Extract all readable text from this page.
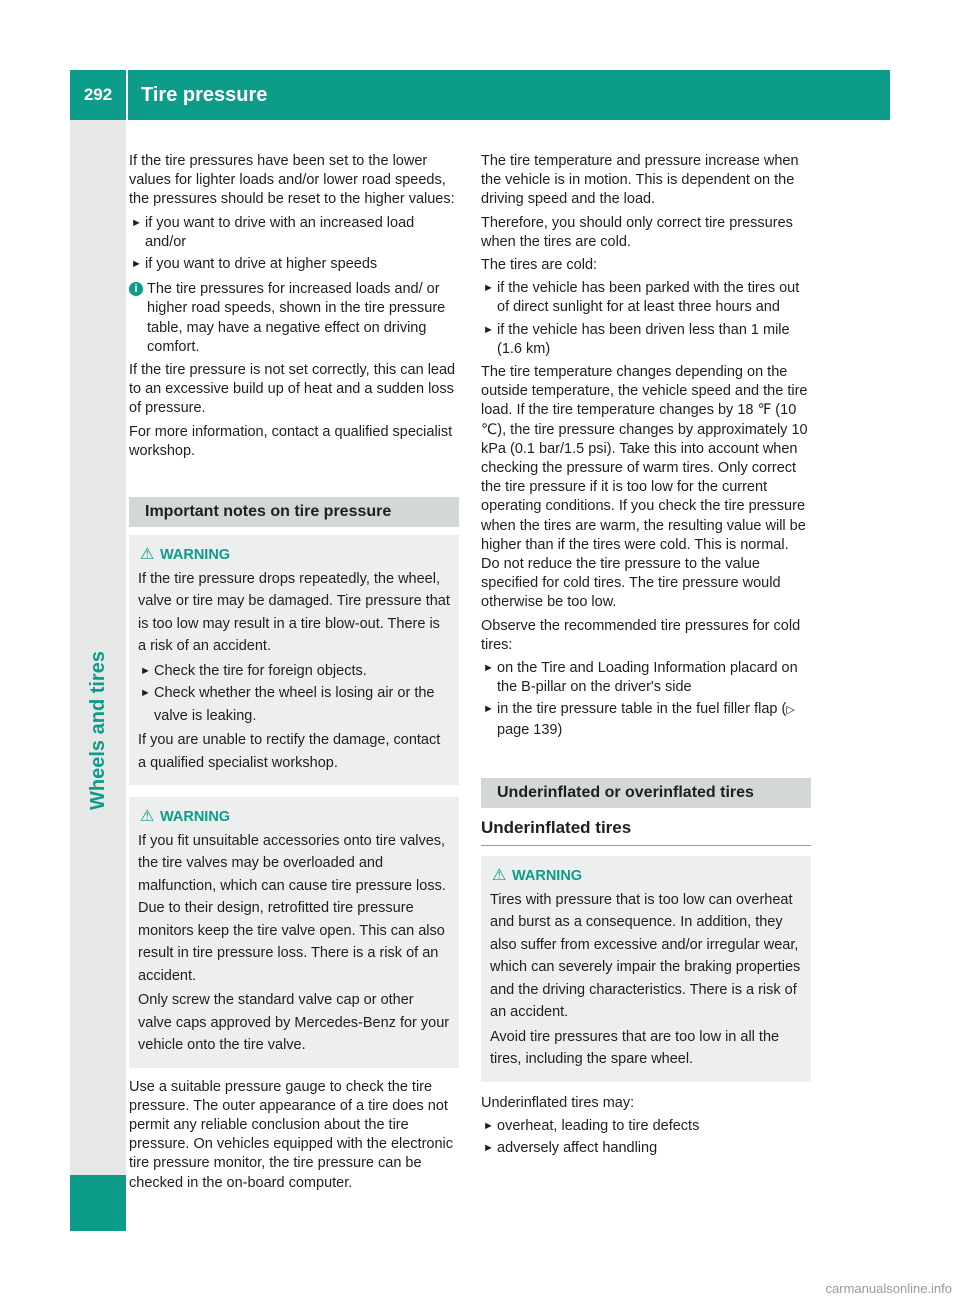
292	Tire pressure
Wheels and tires

If the tire pressures have been set to the lower values for lighter loads and/or lower road speeds, the pressures should be reset to the higher values:

► if you want to drive with an increased load and/or
► if you want to drive at higher speeds
i The tire pressures for increased loads and/ or higher road speeds, shown in the tire pressure table, may have a negative effect on driving comfort.

If the tire pressure is not set correctly, this can lead to an excessive build up of heat and a sudden loss of pressure.

For more information, contact a qualified specialist workshop.

Important notes on tire pressure
⚠ WARNING

If the tire pressure drops repeatedly, the wheel, valve or tire may be damaged. Tire pressure that is too low may result in a tire blow-out. There is a risk of an accident.

► Check the tire for foreign objects.
► Check whether the wheel is losing air or the valve is leaking.

If you are unable to rectify the damage, contact a qualified specialist workshop.

⚠ WARNING

If you fit unsuitable accessories onto tire valves, the tire valves may be overloaded and malfunction, which can cause tire pressure loss. Due to their design, retrofitted tire pressure monitors keep the tire valve open. This can also result in tire pressure loss. There is a risk of an accident.

Only screw the standard valve cap or other valve caps approved by Mercedes-Benz for your vehicle onto the tire valve.

Use a suitable pressure gauge to check the tire pressure. The outer appearance of a tire does not permit any reliable conclusion about the tire pressure. On vehicles equipped with the electronic tire pressure monitor, the tire pressure can be checked in the on-board computer.

The tire temperature and pressure increase when the vehicle is in motion. This is dependent on the driving speed and the load.

Therefore, you should only correct tire pressures when the tires are cold.

The tires are cold:

► if the vehicle has been parked with the tires out of direct sunlight for at least three hours and
► if the vehicle has been driven less than 1 mile (1.6 km)

The tire temperature changes depending on the outside temperature, the vehicle speed and the tire load. If the tire temperature changes by 18 ℉ (10 ℃), the tire pressure changes by approximately 10 kPa (0.1 bar/1.5 psi). Take this into account when checking the pressure of warm tires. Only correct the tire pressure if it is too low for the current operating conditions. If you check the tire pressure when the tires are warm, the resulting value will be higher than if the tires were cold. This is normal. Do not reduce the tire pressure to the value specified for cold tires. The tire pressure would otherwise be too low.

Observe the recommended tire pressures for cold tires:

► on the Tire and Loading Information placard on the B-pillar on the driver's side
► in the tire pressure table in the fuel filler flap (▷ page 139)
Underinflated or overinflated tires
Underinflated tires
⚠ WARNING

Tires with pressure that is too low can overheat and burst as a consequence. In addition, they also suffer from excessive and/or irregular wear, which can severely impair the braking properties and the driving characteristics. There is a risk of an accident.

Avoid tire pressures that are too low in all the tires, including the spare wheel.

Underinflated tires may:

► overheat, leading to tire defects
► adversely affect handling
carmanualsonline.info
